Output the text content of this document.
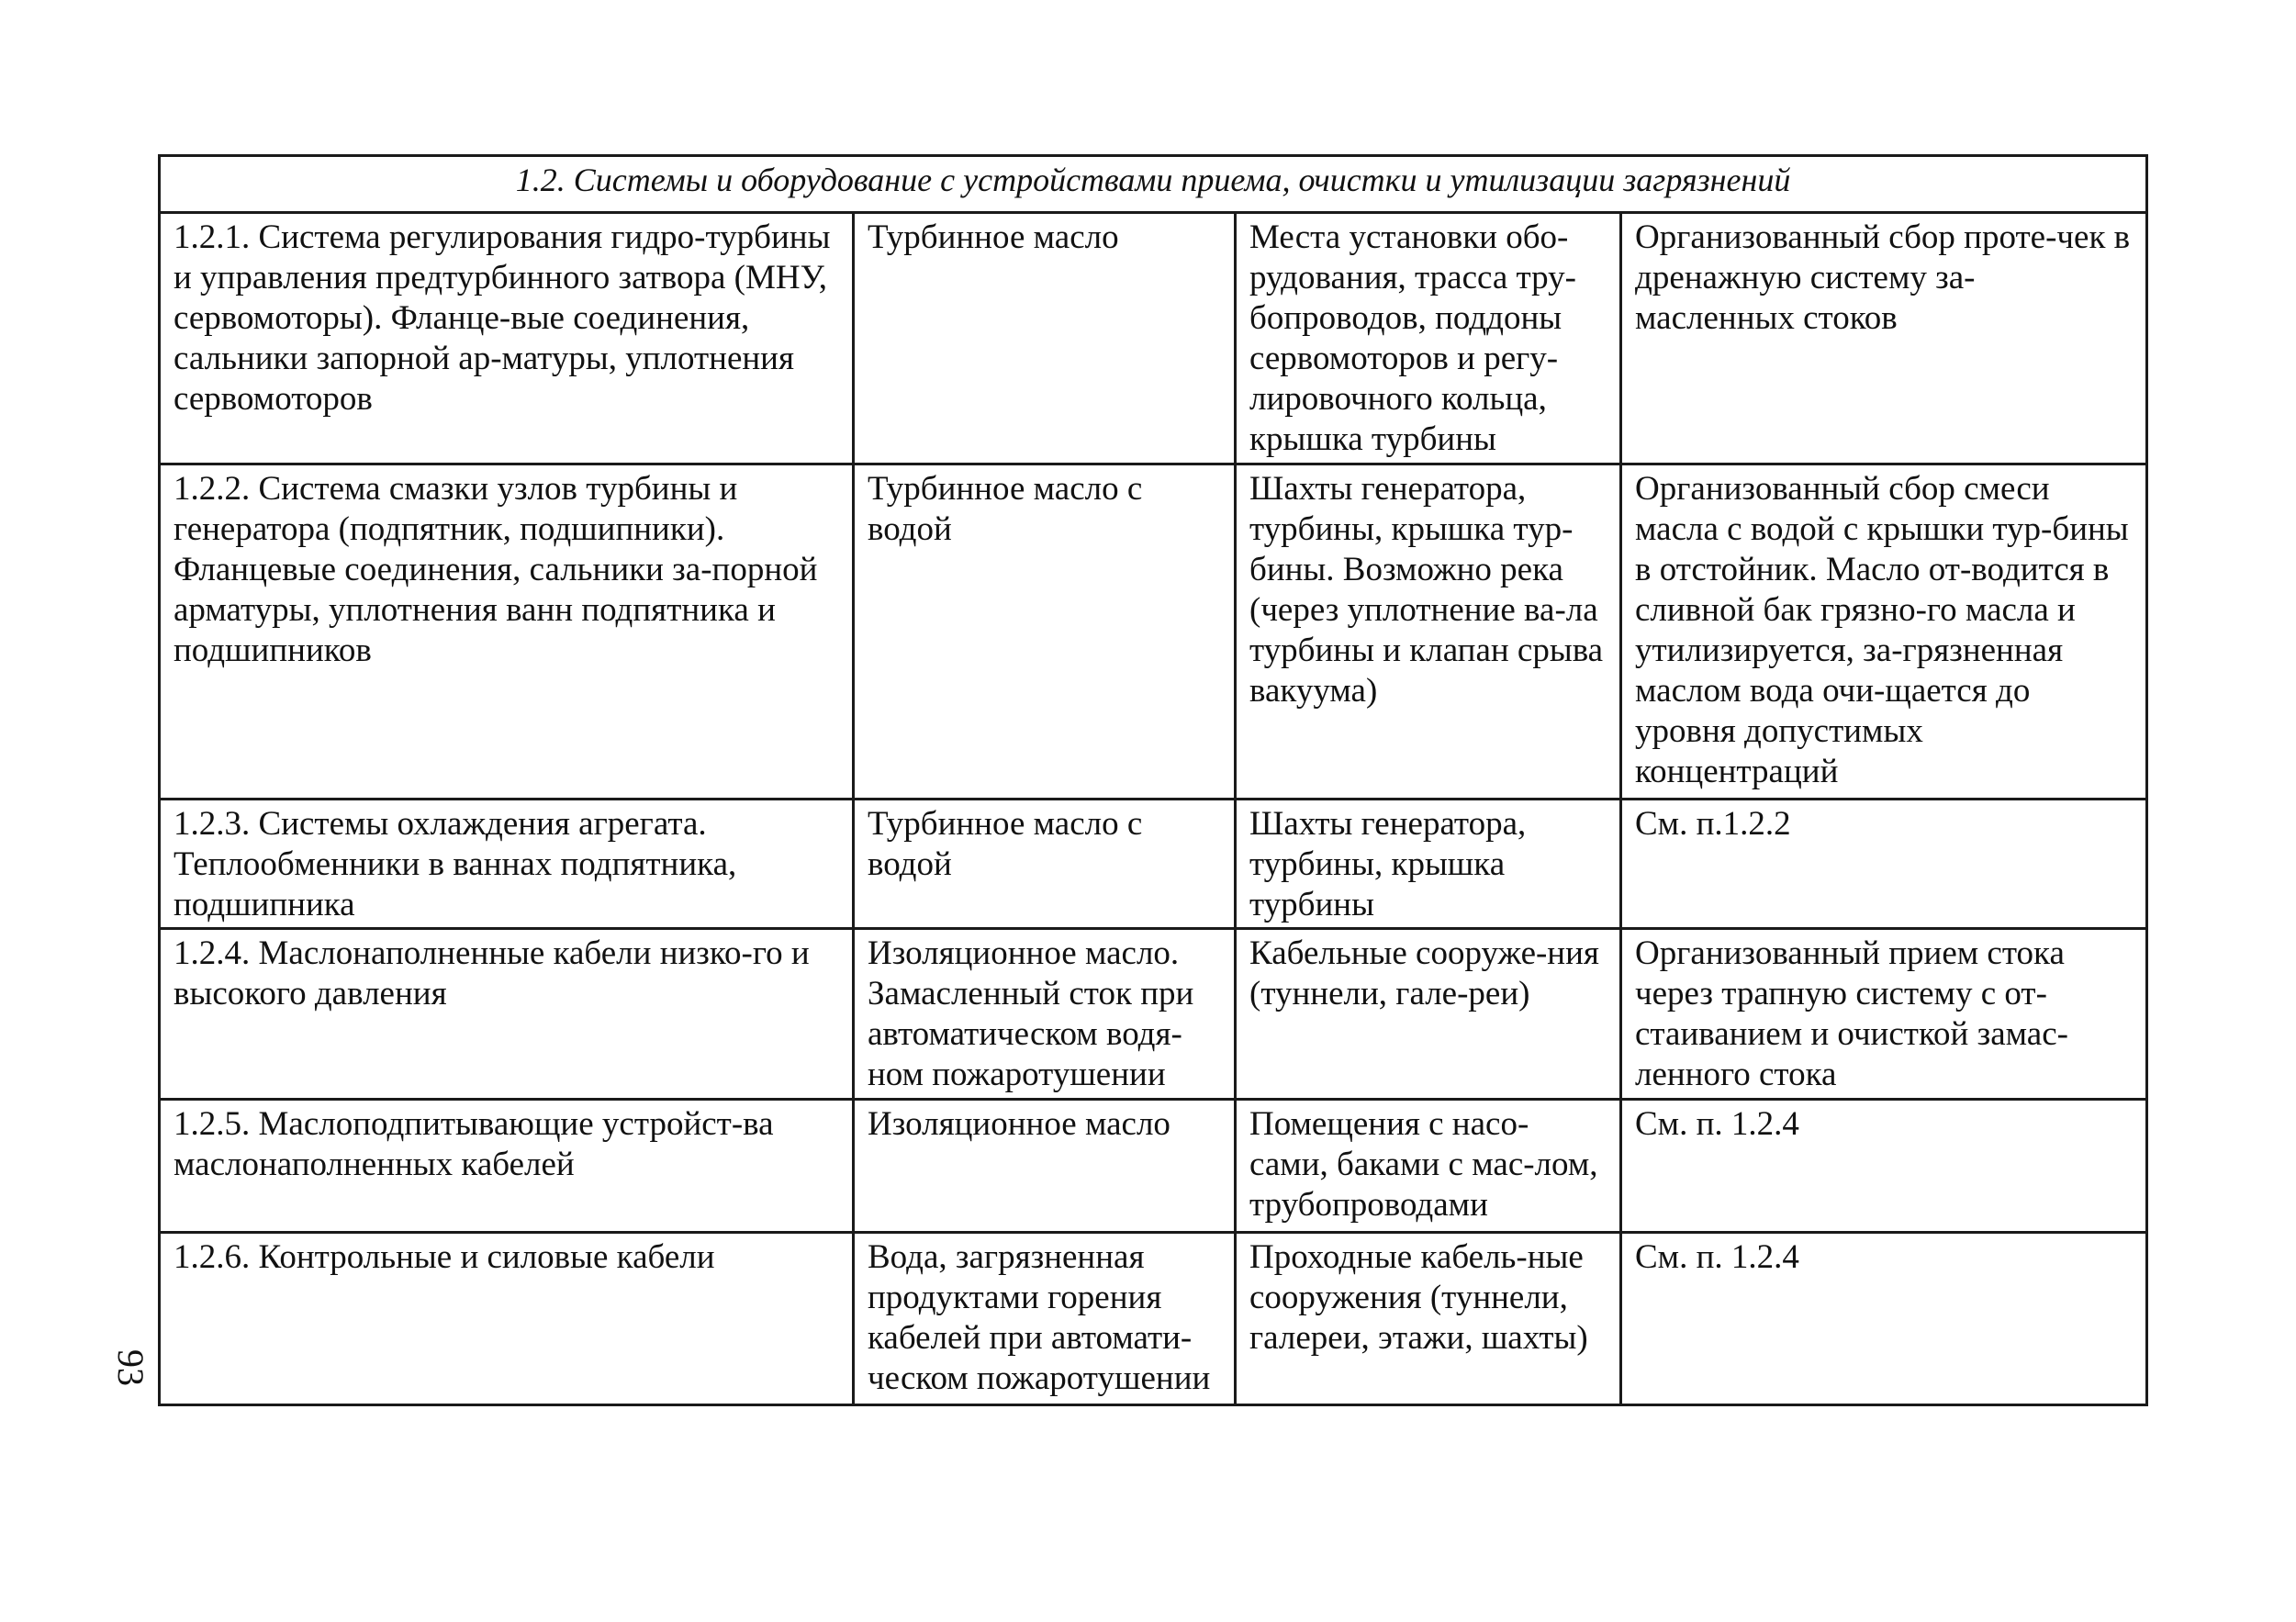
1.2. Системы и оборудование с устройствами приема, очистки и утилизации загрязнений			

1.2.1. Система регулирования гидро-турбины и управления предтурбинного затвора (МНУ, сервомоторы). Фланце-вые соединения, сальники запорной ар-матуры, уплотнения сервомоторов	Турбинное масло	Места установки обо-рудования, трасса тру-бопроводов, поддоны сервомоторов и регу-лировочного кольца, крышка турбины	Организованный сбор проте-чек в дренажную систему за-масленных стоков

1.2.2. Система смазки узлов турбины и генератора (подпятник, подшипники). Фланцевые соединения, сальники за-порной арматуры, уплотнения ванн подпятника и подшипников	Турбинное масло с водой	Шахты генератора, турбины, крышка тур-бины. Возможно река (через уплотнение ва-ла турбины и клапан срыва вакуума)	Организованный сбор смеси масла с водой с крышки тур-бины в отстойник. Масло от-водится в сливной бак грязно-го масла и утилизируется, за-грязненная маслом вода очи-щается до уровня допустимых концентраций

1.2.3. Системы охлаждения агрегата. Теплообменники в ваннах подпятника, подшипника	Турбинное масло с водой	Шахты генератора, турбины, крышка турбины	См. п.1.2.2

1.2.4. Маслонаполненные кабели низко-го и высокого давления	Изоляционное масло. Замасленный сток при автоматическом водя-ном пожаротушении	Кабельные сооруже-ния (туннели, гале-реи)	Организованный прием стока через трапную систему с от-стаиванием и очисткой замас-ленного стока

1.2.5. Маслоподпитывающие устройст-ва маслонаполненных кабелей	Изоляционное масло	Помещения с насо-сами, баками с мас-лом, трубопроводами	См. п. 1.2.4

1.2.6. Контрольные и силовые кабели	Вода, загрязненная продуктами горения кабелей при автомати-ческом пожаротушении	Проходные кабель-ные сооружения (туннели, галереи, этажи, шахты)	См. п. 1.2.4
93
